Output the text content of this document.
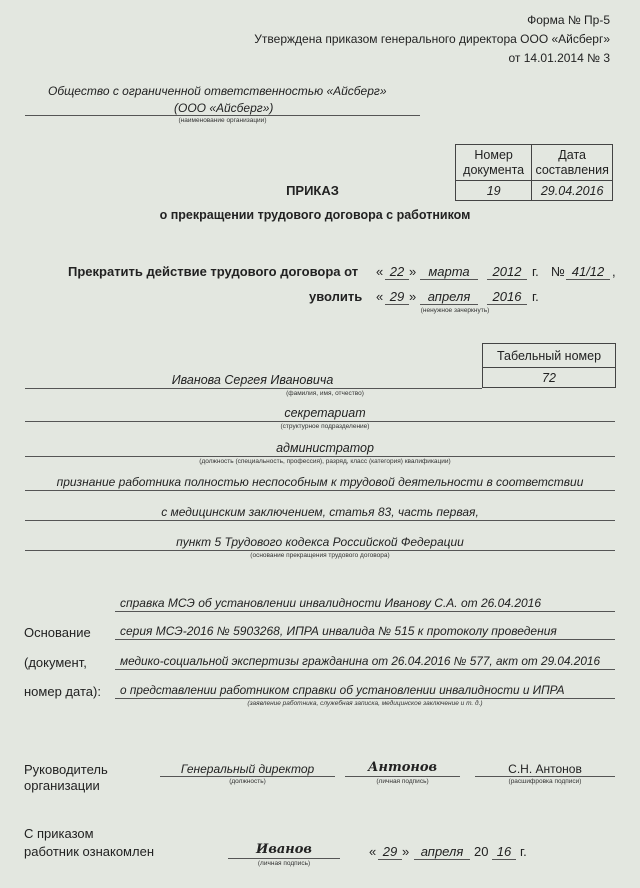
Форма № Пр-5
Утверждена приказом генерального директора ООО «Айсберг»
от 14.01.2014 № 3
Общество с ограниченной ответственностью «Айсберг»
(ООО «Айсберг»)
(наименование организации)
Номер документа	Дата составления
19	29.04.2016
ПРИКАЗ
о прекращении трудового договора с работником
Прекратить действие трудового договора от « 22 » марта	2012 г. № 41/12 ,
уволить « 29 » апреля	2016 г.
(ненужное зачеркнуть)
Табельный номер
72
Иванова Сергея Ивановича
(фамилия, имя, отчество)
секретариат
(структурное подразделение)
администратор
(должность (специальность, профессия), разряд, класс (категория) квалификации)
признание работника полностью неспособным к трудовой деятельности в соответствии
с медицинским заключением, статья 83, часть первая,
пункт 5 Трудового кодекса Российской Федерации
(основание прекращения трудового договора)
Основание
(документ,
номер дата):
справка МСЭ об установлении инвалидности Иванову С.А. от 26.04.2016
серия МСЭ-2016 № 5903268, ИПРА инвалида № 515 к протоколу проведения
медико-социальной экспертизы гражданина от 26.04.2016 № 577, акт от 29.04.2016
о представлении работником справки об установлении инвалидности и ИПРА
(заявление работника, служебная записка, медицинское заключение и т. д.)
Руководитель
организации
Генеральный директор
(должность)
Антонов
(личная подпись)
С.Н. Антонов
(расшифровка подписи)
С приказом
работник ознакомлен	Иванов
(личная подпись)
« 29 » апреля 20 16 г.
